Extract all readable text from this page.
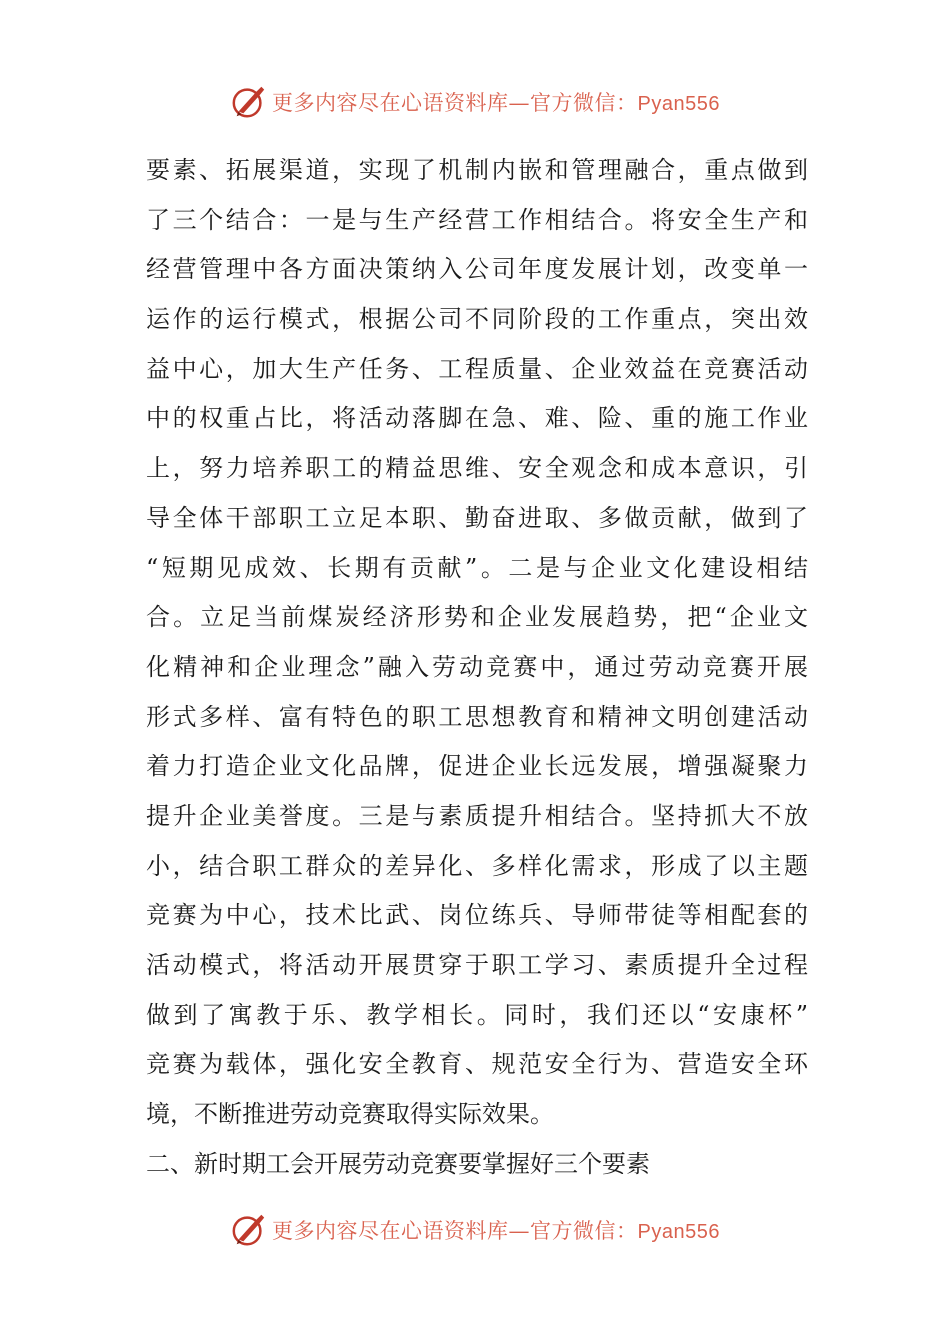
更多内容尽在心语资料库—官方微信：Pyan556
要素、拓展渠道，实现了机制内嵌和管理融合，重点做到
了三个结合：一是与生产经营工作相结合。将安全生产和
经营管理中各方面决策纳入公司年度发展计划，改变单一
运作的运行模式，根据公司不同阶段的工作重点，突出效
益中心，加大生产任务、工程质量、企业效益在竞赛活动
中的权重占比，将活动落脚在急、难、险、重的施工作业
上，努力培养职工的精益思维、安全观念和成本意识，引
导全体干部职工立足本职、勤奋进取、多做贡献，做到了
“短期见成效、长期有贡献”。二是与企业文化建设相结
合。立足当前煤炭经济形势和企业发展趋势，把“企业文
化精神和企业理念”融入劳动竞赛中，通过劳动竞赛开展
形式多样、富有特色的职工思想教育和精神文明创建活动
着力打造企业文化品牌，促进企业长远发展，增强凝聚力
提升企业美誉度。三是与素质提升相结合。坚持抓大不放
小，结合职工群众的差异化、多样化需求，形成了以主题
竞赛为中心，技术比武、岗位练兵、导师带徒等相配套的
活动模式，将活动开展贯穿于职工学习、素质提升全过程
做到了寓教于乐、教学相长。同时，我们还以“安康杯”
竞赛为载体，强化安全教育、规范安全行为、营造安全环
境，不断推进劳动竞赛取得实际效果。
二、新时期工会开展劳动竞赛要掌握好三个要素
更多内容尽在心语资料库—官方微信：Pyan556
